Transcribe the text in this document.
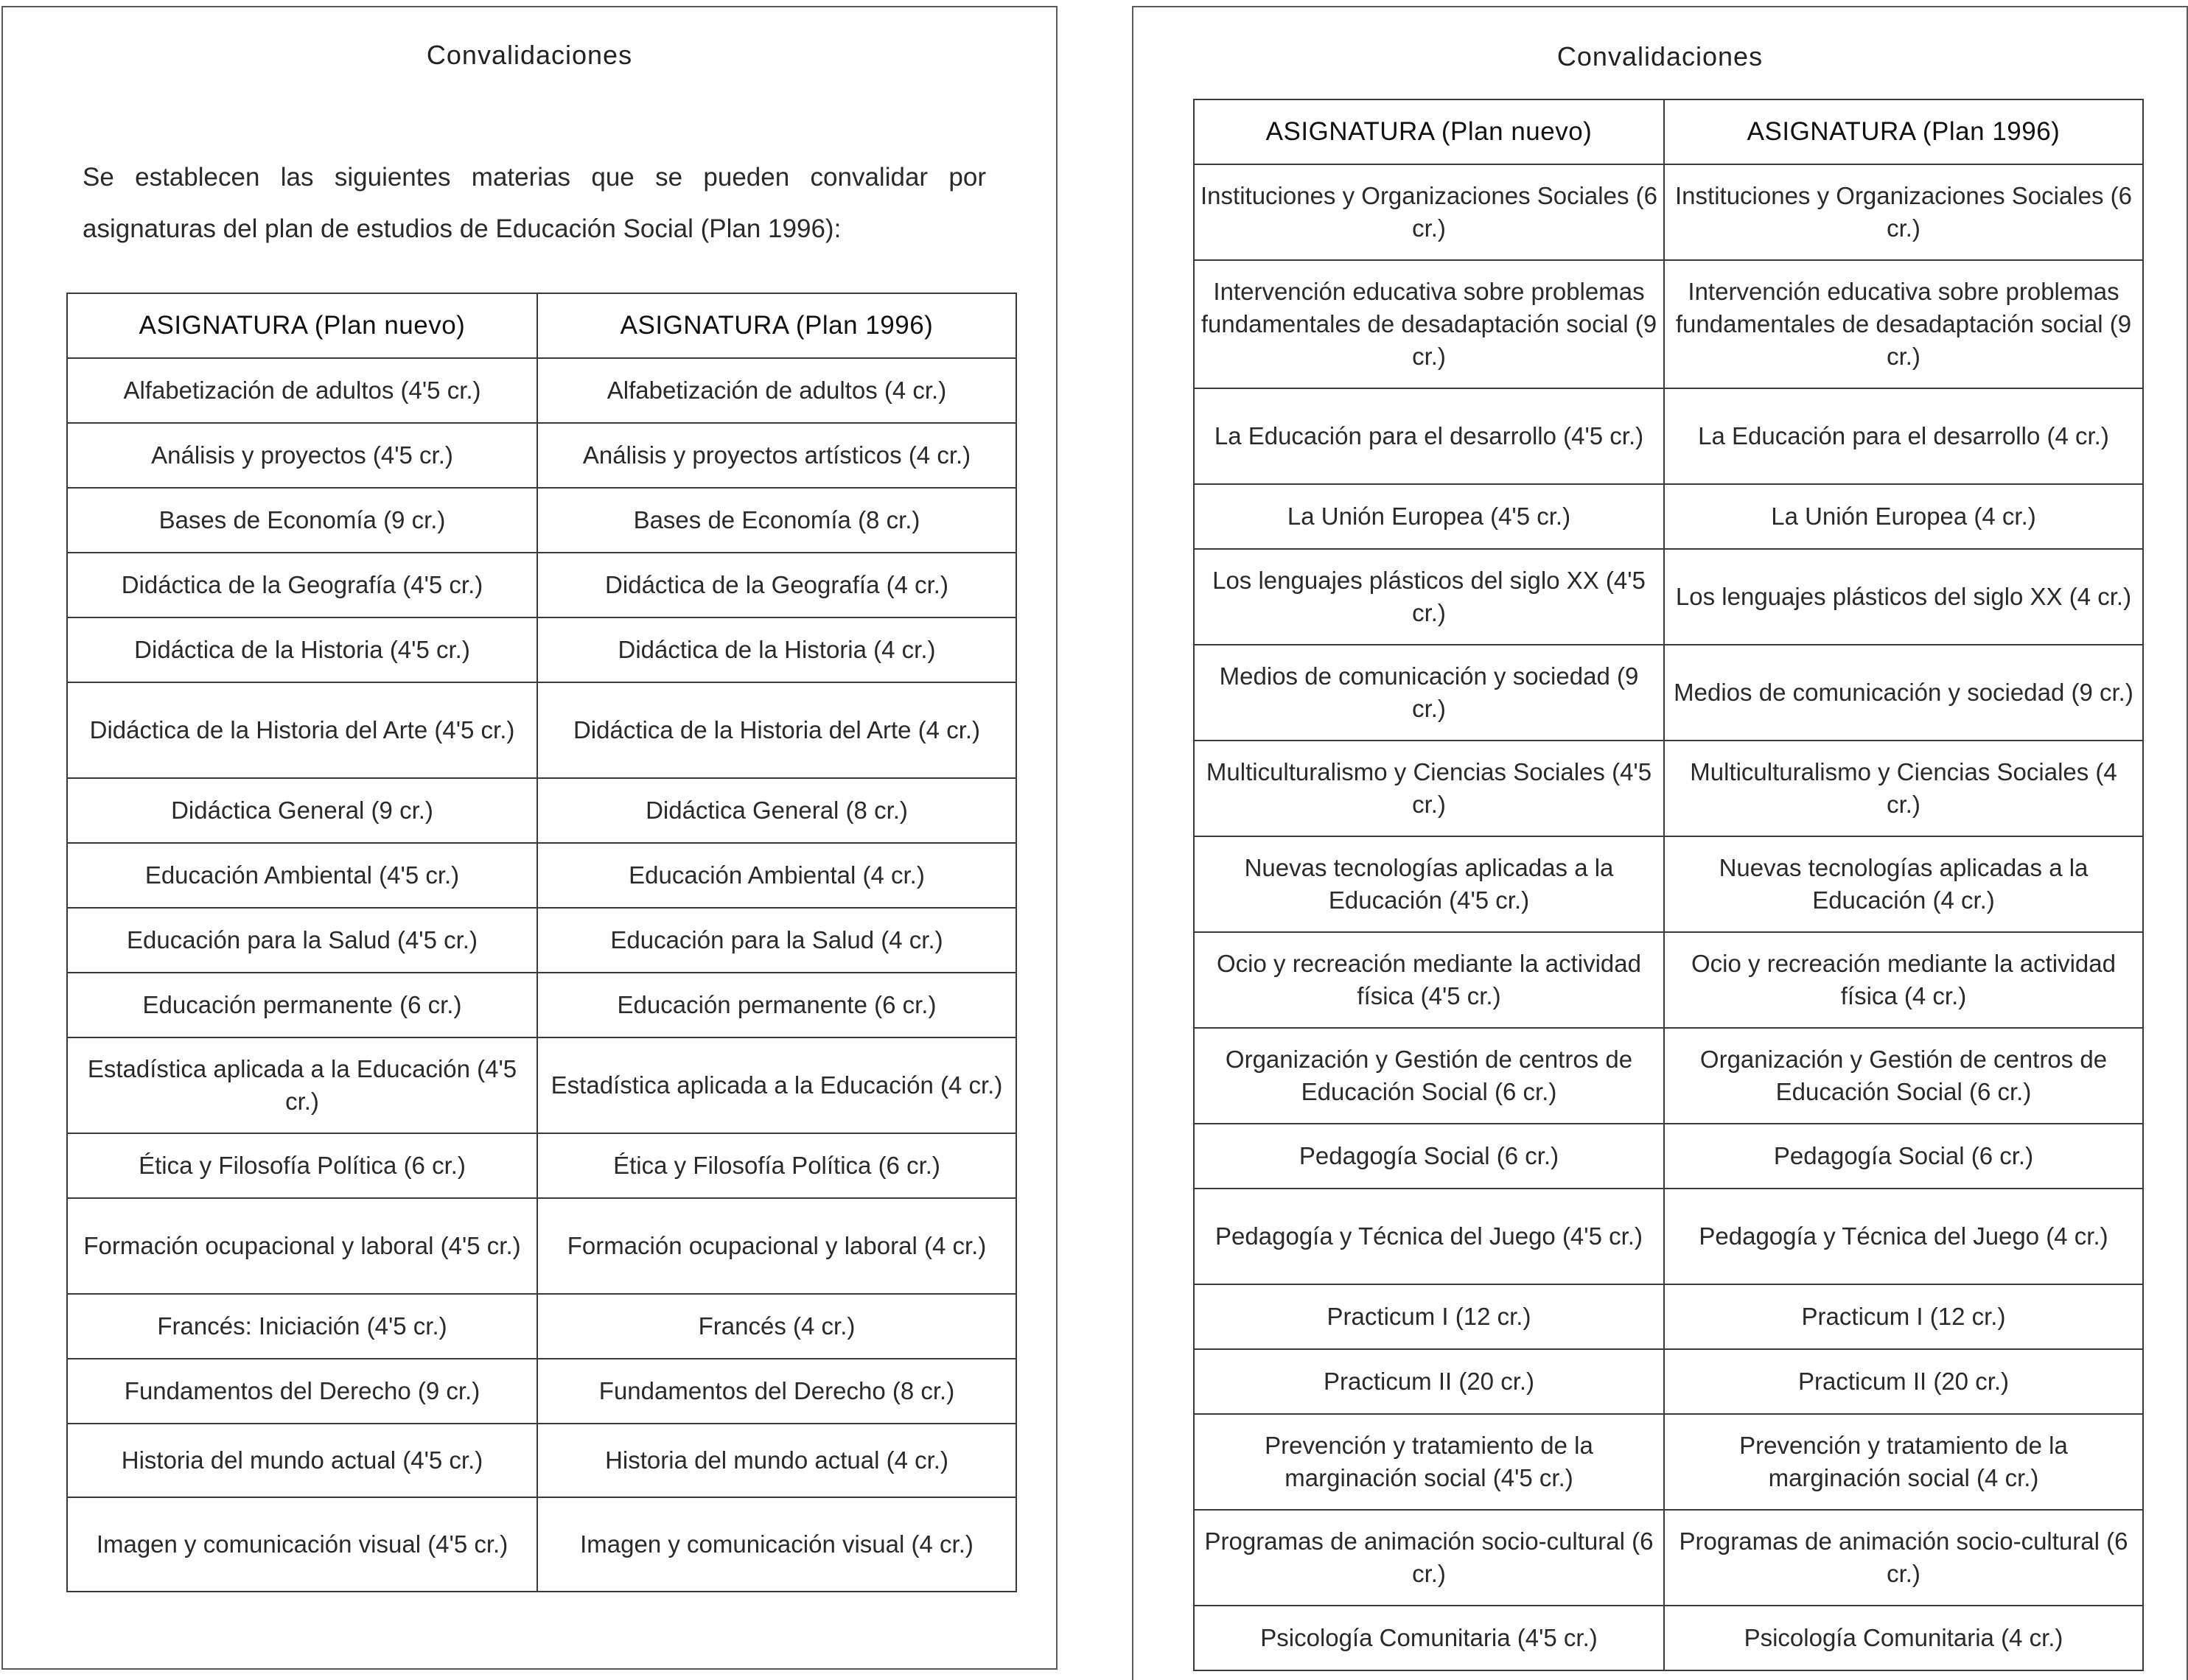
Convalidaciones
Se establecen las siguientes materias que se pueden convalidar por asignaturas del plan de estudios de Educación Social (Plan 1996):
Convalidaciones
ASIGNATURA (Plan nuevo)	ASIGNATURA (Plan 1996)
Alfabetización de adultos (4'5 cr.)	Alfabetización de adultos (4 cr.)
Análisis y proyectos (4'5 cr.)	Análisis y proyectos artísticos (4 cr.)
Bases de Economía (9 cr.)	Bases de Economía (8 cr.)
Didáctica de la Geografía (4'5 cr.)	Didáctica de la Geografía (4 cr.)
Didáctica de la Historia (4'5 cr.)	Didáctica de la Historia (4 cr.)
Didáctica de la Historia del Arte (4'5 cr.)	Didáctica de la Historia del Arte (4 cr.)
Didáctica General (9 cr.)	Didáctica General (8 cr.)
Educación Ambiental (4'5 cr.)	Educación Ambiental (4 cr.)
Educación para la Salud (4'5 cr.)	Educación para la Salud (4 cr.)
Educación permanente (6 cr.)	Educación permanente (6 cr.)
Estadística aplicada a la Educación (4'5 cr.)	Estadística aplicada a la Educación (4 cr.)
Ética y Filosofía Política (6 cr.)	Ética y Filosofía Política (6 cr.)
Formación ocupacional y laboral (4'5 cr.)	Formación ocupacional y laboral (4 cr.)
Francés: Iniciación (4'5 cr.)	Francés (4 cr.)
Fundamentos del Derecho (9 cr.)	Fundamentos del Derecho (8 cr.)
Historia del mundo actual (4'5 cr.)	Historia del mundo actual (4 cr.)
Imagen y comunicación visual (4'5 cr.)	Imagen y comunicación visual (4 cr.)
ASIGNATURA (Plan nuevo)	ASIGNATURA (Plan 1996)
Instituciones y Organizaciones Sociales (6 cr.)	Instituciones y Organizaciones Sociales (6 cr.)
Intervención educativa sobre problemas fundamentales de desadaptación social (9 cr.)	Intervención educativa sobre problemas fundamentales de desadaptación social (9 cr.)
La Educación para el desarrollo (4'5 cr.)	La Educación para el desarrollo (4 cr.)
La Unión Europea (4'5 cr.)	La Unión Europea (4 cr.)
Los lenguajes plásticos del siglo XX (4'5 cr.)	Los lenguajes plásticos del siglo XX (4 cr.)
Medios de comunicación y sociedad (9 cr.)	Medios de comunicación y sociedad (9 cr.)
Multiculturalismo y Ciencias Sociales (4'5 cr.)	Multiculturalismo y Ciencias Sociales (4 cr.)
Nuevas tecnologías aplicadas a la Educación (4'5 cr.)	Nuevas tecnologías aplicadas a la Educación (4 cr.)
Ocio y recreación mediante la actividad física (4'5 cr.)	Ocio y recreación mediante la actividad física (4 cr.)
Organización y Gestión de centros de Educación Social (6 cr.)	Organización y Gestión de centros de Educación Social (6 cr.)
Pedagogía Social (6 cr.)	Pedagogía Social (6 cr.)
Pedagogía y Técnica del Juego (4'5 cr.)	Pedagogía y Técnica del Juego (4 cr.)
Practicum I (12 cr.)	Practicum I (12 cr.)
Practicum II (20 cr.)	Practicum II (20 cr.)
Prevención y tratamiento de la marginación social (4'5 cr.)	Prevención y tratamiento de la marginación social (4 cr.)
Programas de animación socio-cultural (6 cr.)	Programas de animación socio-cultural (6 cr.)
Psicología Comunitaria (4'5 cr.)	Psicología Comunitaria (4 cr.)
